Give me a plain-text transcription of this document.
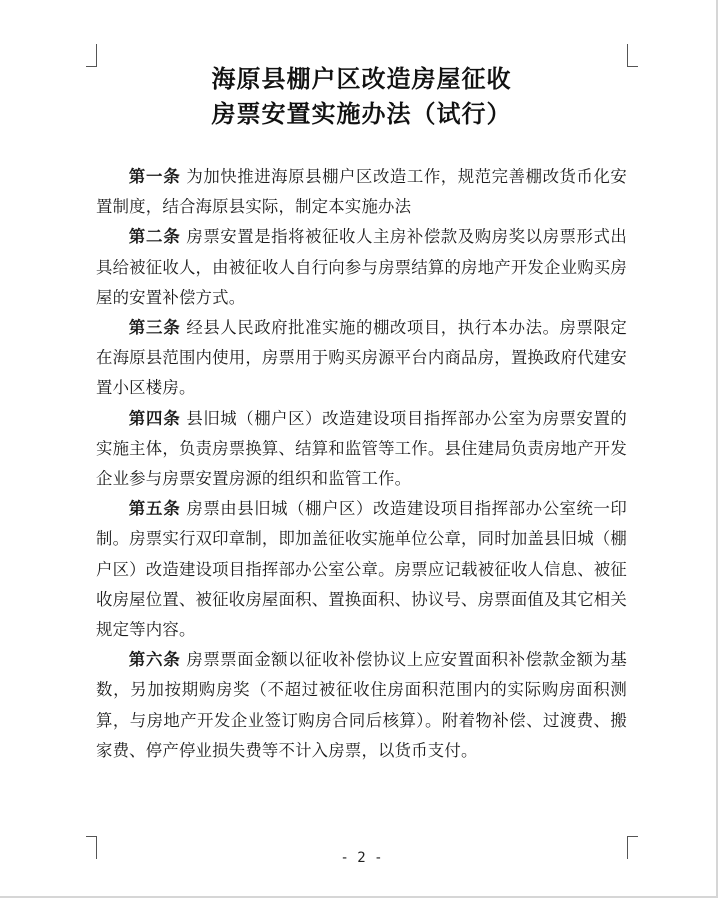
海原县棚户区改造房屋征收
房票安置实施办法（试行）

第一条 为加快推进海原县棚户区改造工作，规范完善棚改货币化安置制度，结合海原县实际，制定本实施办法

第二条 房票安置是指将被征收人主房补偿款及购房奖以房票形式出具给被征收人，由被征收人自行向参与房票结算的房地产开发企业购买房屋的安置补偿方式。

第三条 经县人民政府批准实施的棚改项目，执行本办法。房票限定在海原县范围内使用，房票用于购买房源平台内商品房，置换政府代建安置小区楼房。

第四条 县旧城（棚户区）改造建设项目指挥部办公室为房票安置的实施主体，负责房票换算、结算和监管等工作。县住建局负责房地产开发企业参与房票安置房源的组织和监管工作。

第五条 房票由县旧城（棚户区）改造建设项目指挥部办公室统一印制。房票实行双印章制，即加盖征收实施单位公章，同时加盖县旧城（棚户区）改造建设项目指挥部办公室公章。房票应记载被征收人信息、被征收房屋位置、被征收房屋面积、置换面积、协议号、房票面值及其它相关规定等内容。

第六条 房票票面金额以征收补偿协议上应安置面积补偿款金额为基数，另加按期购房奖（不超过被征收住房面积范围内的实际购房面积测算，与房地产开发企业签订购房合同后核算）。附着物补偿、过渡费、搬家费、停产停业损失费等不计入房票，以货币支付。

- 2 -
